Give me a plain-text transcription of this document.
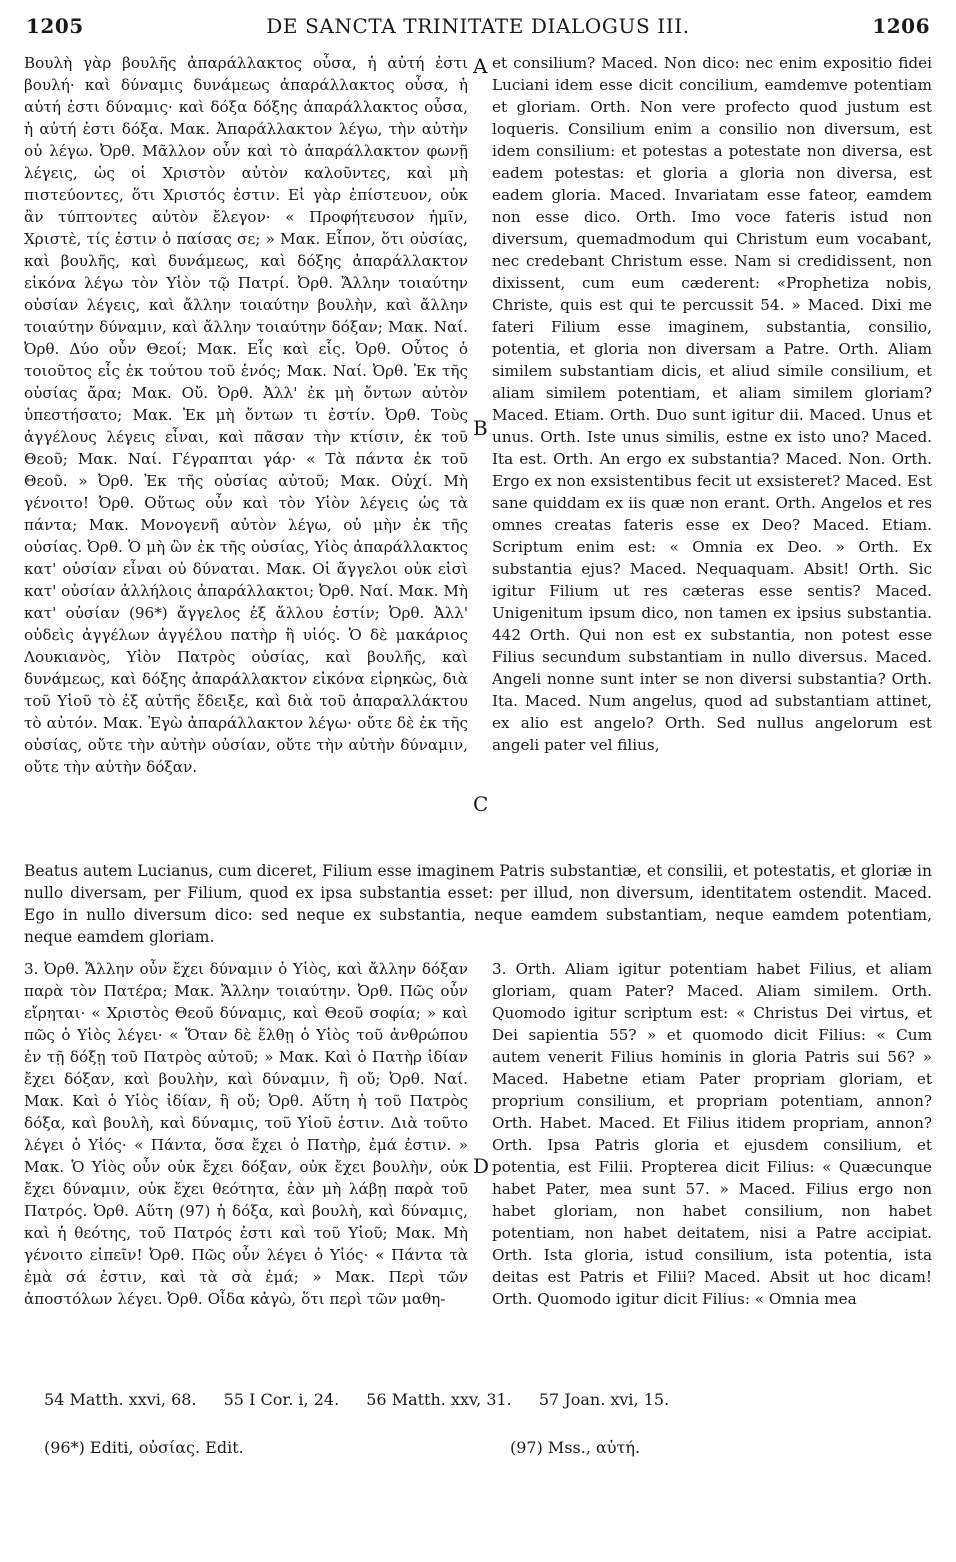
1205	DE SANCTA TRINITATE DIALOGUS III.	1206

Βουλὴ γὰρ βουλῆς ἀπαράλλακτος οὖσα, ἡ αὐτή ἐστι βουλή· καὶ δύναμις δυνάμεως ἀπαράλλακτος οὖσα, ἡ αὐτή ἐστι δύναμις· καὶ δόξα δόξης ἀπαράλλακτος οὖσα, ἡ αὐτή ἐστι δόξα. Μακ. Ἀπαράλλακτον λέγω, τὴν αὐτὴν οὐ λέγω. Ὀρθ. Μᾶλλον οὖν καὶ τὸ ἀπαράλλακτον φωνῇ λέγεις, ὡς οἱ Χριστὸν αὐτὸν καλοῦντες, καὶ μὴ πιστεύοντες, ὅτι Χριστός ἐστιν. Εἰ γὰρ ἐπίστευον, οὐκ ἂν τύπτοντες αὐτὸν ἔλεγον· « Προφήτευσον ἡμῖν, Χριστὲ, τίς ἐστιν ὁ παίσας σε; » Μακ. Εἶπον, ὅτι οὐσίας, καὶ βουλῆς, καὶ δυνάμεως, καὶ δόξης ἀπαράλλακτον εἰκόνα λέγω τὸν Υἱὸν τῷ Πατρί. Ὀρθ. Ἄλλην τοιαύτην οὐσίαν λέγεις, καὶ ἄλλην τοιαύτην βουλὴν, καὶ ἄλλην τοιαύτην δύναμιν, καὶ ἄλλην τοιαύτην δόξαν; Μακ. Ναί. Ὀρθ. Δύο οὖν Θεοί; Μακ. Εἷς καὶ εἷς. Ὀρθ. Οὗτος ὁ τοιοῦτος εἷς ἐκ τούτου τοῦ ἑνός; Μακ. Ναί. Ὀρθ. Ἐκ τῆς οὐσίας ἄρα; Μακ. Οὔ. Ὀρθ. Ἀλλ' ἐκ μὴ ὄντων αὐτὸν ὑπεστήσατο; Μακ. Ἐκ μὴ ὄντων τι ἐστίν. Ὀρθ. Τοὺς ἀγγέλους λέγεις εἶναι, καὶ πᾶσαν τὴν κτίσιν, ἐκ τοῦ Θεοῦ; Μακ. Ναί. Γέγραπται γάρ· « Τὰ πάντα ἐκ τοῦ Θεοῦ. » Ὀρθ. Ἐκ τῆς οὐσίας αὐτοῦ; Μακ. Οὐχί. Μὴ γένοιτο! Ὀρθ. Οὕτως οὖν καὶ τὸν Υἱὸν λέγεις ὡς τὰ πάντα; Μακ. Μονογενῆ αὐτὸν λέγω, οὐ μὴν ἐκ τῆς οὐσίας. Ὀρθ. Ὁ μὴ ὢν ἐκ τῆς οὐσίας, Υἱὸς ἀπαράλλακτος κατ' οὐσίαν εἶναι οὐ δύναται. Μακ. Οἱ ἄγγελοι οὐκ εἰσὶ κατ' οὐσίαν ἀλλήλοις ἀπαράλλακτοι; Ὀρθ. Ναί. Μακ. Μὴ κατ' οὐσίαν (96*) ἄγγελος ἐξ ἄλλου ἐστίν; Ὀρθ. Ἀλλ' οὐδεὶς ἀγγέλων ἀγγέλου πατὴρ ἢ υἱός. Ὁ δὲ μακάριος Λουκιανὸς, Υἱὸν Πατρὸς οὐσίας, καὶ βουλῆς, καὶ δυνάμεως, καὶ δόξης ἀπαράλλακτον εἰκόνα εἰρηκὼς, διὰ τοῦ Υἱοῦ τὸ ἐξ αὐτῆς ἔδειξε, καὶ διὰ τοῦ ἀπαραλλάκτου τὸ αὐτόν. Μακ. Ἐγὼ ἀπαράλλακτον λέγω· οὔτε δὲ ἐκ τῆς οὐσίας, οὔτε τὴν αὐτὴν οὐσίαν, οὔτε τὴν αὐτὴν δύναμιν, οὔτε τὴν αὐτὴν δόξαν.

et consilium? Maced. Non dico: nec enim expositio fidei Luciani idem esse dicit concilium, eamdemve potentiam et gloriam. Orth. Non vere profecto quod justum est loqueris. Consilium enim a consilio non diversum, est idem consilium: et potestas a potestate non diversa, est eadem potestas: et gloria a gloria non diversa, est eadem gloria. Maced. Invariatam esse fateor, eamdem non esse dico. Orth. Imo voce fateris istud non diversum, quemadmodum qui Christum eum vocabant, nec credebant Christum esse. Nam si credidissent, non dixissent, cum eum cæderent: «Prophetiza nobis, Christe, quis est qui te percussit 54. » Maced. Dixi me fateri Filium esse imaginem, substantia, consilio, potentia, et gloria non diversam a Patre. Orth. Aliam similem substantiam dicis, et aliud simile consilium, et aliam similem potentiam, et aliam similem gloriam? Maced. Etiam. Orth. Duo sunt igitur dii. Maced. Unus et unus. Orth. Iste unus similis, estne ex isto uno? Maced. Ita est. Orth. An ergo ex substantia? Maced. Non. Orth. Ergo ex non exsistentibus fecit ut exsisteret? Maced. Est sane quiddam ex iis quæ non erant. Orth. Angelos et res omnes creatas fateris esse ex Deo? Maced. Etiam. Scriptum enim est: « Omnia ex Deo. » Orth. Ex substantia ejus? Maced. Nequaquam. Absit! Orth. Sic igitur Filium ut res cæteras esse sentis? Maced. Unigenitum ipsum dico, non tamen ex ipsius substantia. 442 Orth. Qui non est ex substantia, non potest esse Filius secundum substantiam in nullo diversus. Maced. Angeli nonne sunt inter se non diversi substantia? Orth. Ita. Maced. Num angelus, quod ad substantiam attinet, ex alio est angelo? Orth. Sed nullus angelorum est angeli pater vel filius,

A
B
C
D

Beatus autem Lucianus, cum diceret, Filium esse imaginem Patris substantiæ, et consilii, et potestatis, et gloriæ in nullo diversam, per Filium, quod ex ipsa substantia esset: per illud, non diversum, identitatem ostendit. Maced. Ego in nullo diversum dico: sed neque ex substantia, neque eamdem substantiam, neque eamdem potentiam, neque eamdem gloriam.

3. Ὀρθ. Ἄλλην οὖν ἔχει δύναμιν ὁ Υἱὸς, καὶ ἄλλην δόξαν παρὰ τὸν Πατέρα; Μακ. Ἄλλην τοιαύτην. Ὀρθ. Πῶς οὖν εἴρηται· « Χριστὸς Θεοῦ δύναμις, καὶ Θεοῦ σοφία; » καὶ πῶς ὁ Υἱὸς λέγει· « Ὅταν δὲ ἔλθῃ ὁ Υἱὸς τοῦ ἀνθρώπου ἐν τῇ δόξῃ τοῦ Πατρὸς αὐτοῦ; » Μακ. Καὶ ὁ Πατὴρ ἰδίαν ἔχει δόξαν, καὶ βουλὴν, καὶ δύναμιν, ἢ οὔ; Ὀρθ. Ναί. Μακ. Καὶ ὁ Υἱὸς ἰδίαν, ἢ οὔ; Ὀρθ. Αὕτη ἡ τοῦ Πατρὸς δόξα, καὶ βουλὴ, καὶ δύναμις, τοῦ Υἱοῦ ἐστιν. Διὰ τοῦτο λέγει ὁ Υἱός· « Πάντα, ὅσα ἔχει ὁ Πατὴρ, ἐμά ἐστιν. » Μακ. Ὁ Υἱὸς οὖν οὐκ ἔχει δόξαν, οὐκ ἔχει βουλὴν, οὐκ ἔχει δύναμιν, οὐκ ἔχει θεότητα, ἐὰν μὴ λάβῃ παρὰ τοῦ Πατρός. Ὀρθ. Αὕτη (97) ἡ δόξα, καὶ βουλὴ, καὶ δύναμις, καὶ ἡ θεότης, τοῦ Πατρός ἐστι καὶ τοῦ Υἱοῦ; Μακ. Μὴ γένοιτο εἰπεῖν! Ὀρθ. Πῶς οὖν λέγει ὁ Υἱός· « Πάντα τὰ ἐμὰ σά ἐστιν, καὶ τὰ σὰ ἐμά; » Μακ. Περὶ τῶν ἀποστόλων λέγει. Ὀρθ. Οἶδα κἀγὼ, ὅτι περὶ τῶν μαθη-

3. Orth. Aliam igitur potentiam habet Filius, et aliam gloriam, quam Pater? Maced. Aliam similem. Orth. Quomodo igitur scriptum est: « Christus Dei virtus, et Dei sapientia 55? » et quomodo dicit Filius: « Cum autem venerit Filius hominis in gloria Patris sui 56? » Maced. Habetne etiam Pater propriam gloriam, et proprium consilium, et propriam potentiam, annon? Orth. Habet. Maced. Et Filius itidem propriam, annon? Orth. Ipsa Patris gloria et ejusdem consilium, et potentia, est Filii. Propterea dicit Filius: « Quæcunque habet Pater, mea sunt 57. » Maced. Filius ergo non habet gloriam, non habet consilium, non habet potentiam, non habet deitatem, nisi a Patre accipiat. Orth. Ista gloria, istud consilium, ista potentia, ista deitas est Patris et Filii? Maced. Absit ut hoc dicam! Orth. Quomodo igitur dicit Filius: « Omnia mea

54 Matth. xxvi, 68. 55 I Cor. i, 24. 56 Matth. xxv, 31. 57 Joan. xvi, 15.
(96*) Editi, οὐσίας. Edit.	(97) Mss., αὐτή.
